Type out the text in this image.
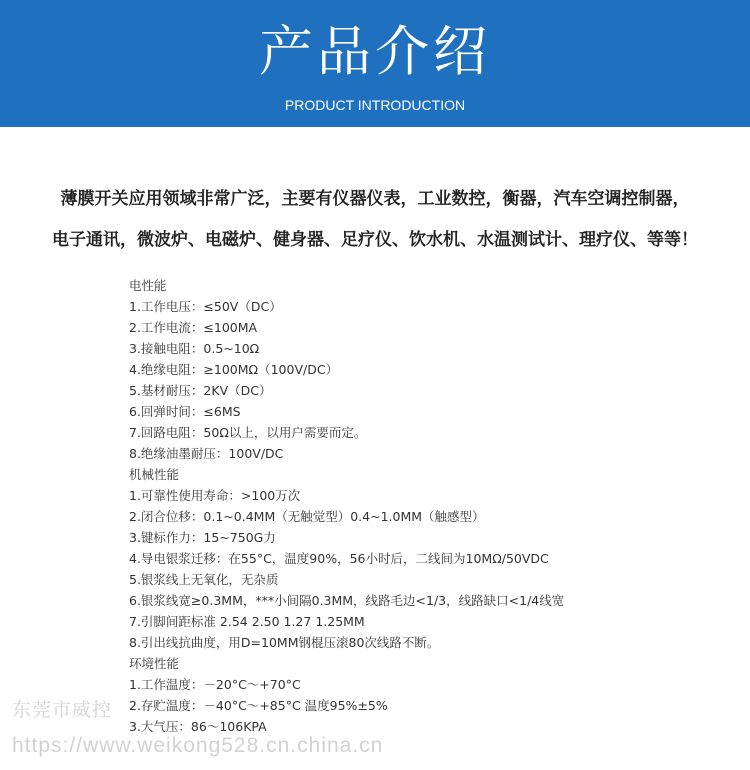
产品介绍
PRODUCT INTRODUCTION
薄膜开关应用领域非常广泛，主要有仪器仪表，工业数控，衡器，汽车空调控制器，
电子通讯，微波炉、电磁炉、健身器、足疗仪、饮水机、水温测试计、理疗仪、等等！
电性能
1.工作电压：≤50V（DC）
2.工作电流：≤100MA
3.接触电阻：0.5~10Ω
4.绝缘电阻：≥100MΩ（100V/DC）
5.基材耐压：2KV（DC）
6.回弹时间：≤6MS
7.回路电阻：50Ω以上，以用户需要而定。
8.绝缘油墨耐压：100V/DC
机械性能
1.可靠性使用寿命：>100万次
2.闭合位移：0.1~0.4MM（无触觉型）0.4~1.0MM（触感型）
3.键标作力：15~750G力
4.导电银浆迁移：在55°C，温度90%，56小时后，二线间为10MΩ/50VDC
5.银浆线上无氧化，无杂质
6.银浆线宽≥0.3MM，***小间隔0.3MM，线路毛边<1/3，线路缺口<1/4线宽
7.引脚间距标准 2.54 2.50 1.27 1.25MM
8.引出线抗曲度，用D=10MM钢棍压滚80次线路不断。
环境性能
1.工作温度：－20°C～+70°C
2.存贮温度：－40°C～+85°C 温度95%±5%
3.大气压：86～106KPA
东莞市威控
https://www.weikong528.cn.china.cn
